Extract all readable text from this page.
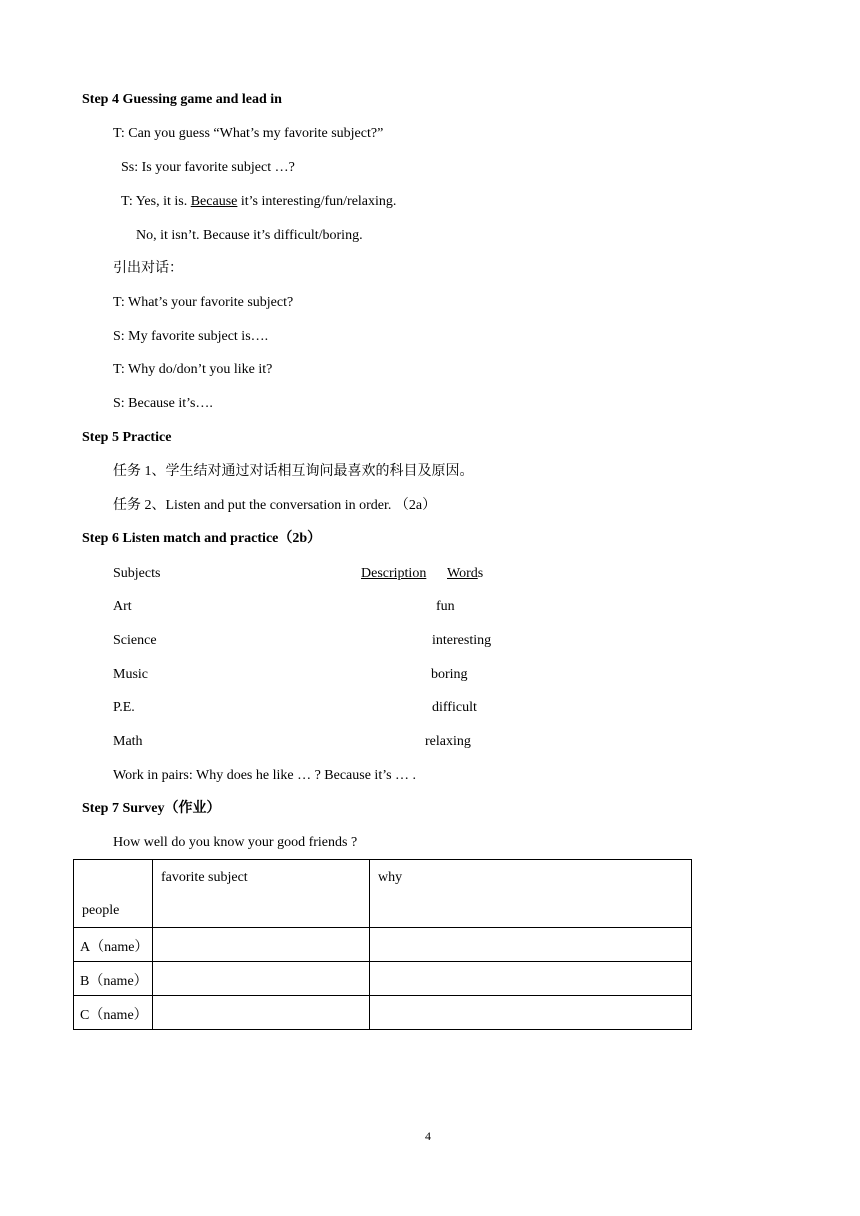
Step 4 Guessing game and lead in
T: Can you guess “What’s my favorite subject?”
Ss: Is your favorite subject …?
T: Yes, it is. Because it’s interesting/fun/relaxing.
No, it isn’t. Because it’s difficult/boring.
引出对话：
T: What’s your favorite subject?
S: My favorite subject is….
T: Why do/don’t you like it?
S: Because it’s….
Step 5 Practice
任务 1、学生结对通过对话相互询问最喜欢的科目及原因。
任务 2、Listen and put the conversation in order. （2a）
Step 6 Listen match and practice（2b）
Subjects	Description Words
Art	fun
Science	interesting
Music	boring
P.E.	difficult
Math	relaxing
Work in pairs: Why does he like … ? Because it’s … .
Step 7 Survey（作业）
How well do you know your good friends ?
people	favorite subject	why

A（name）		

B（name）		

C（name）		

4
